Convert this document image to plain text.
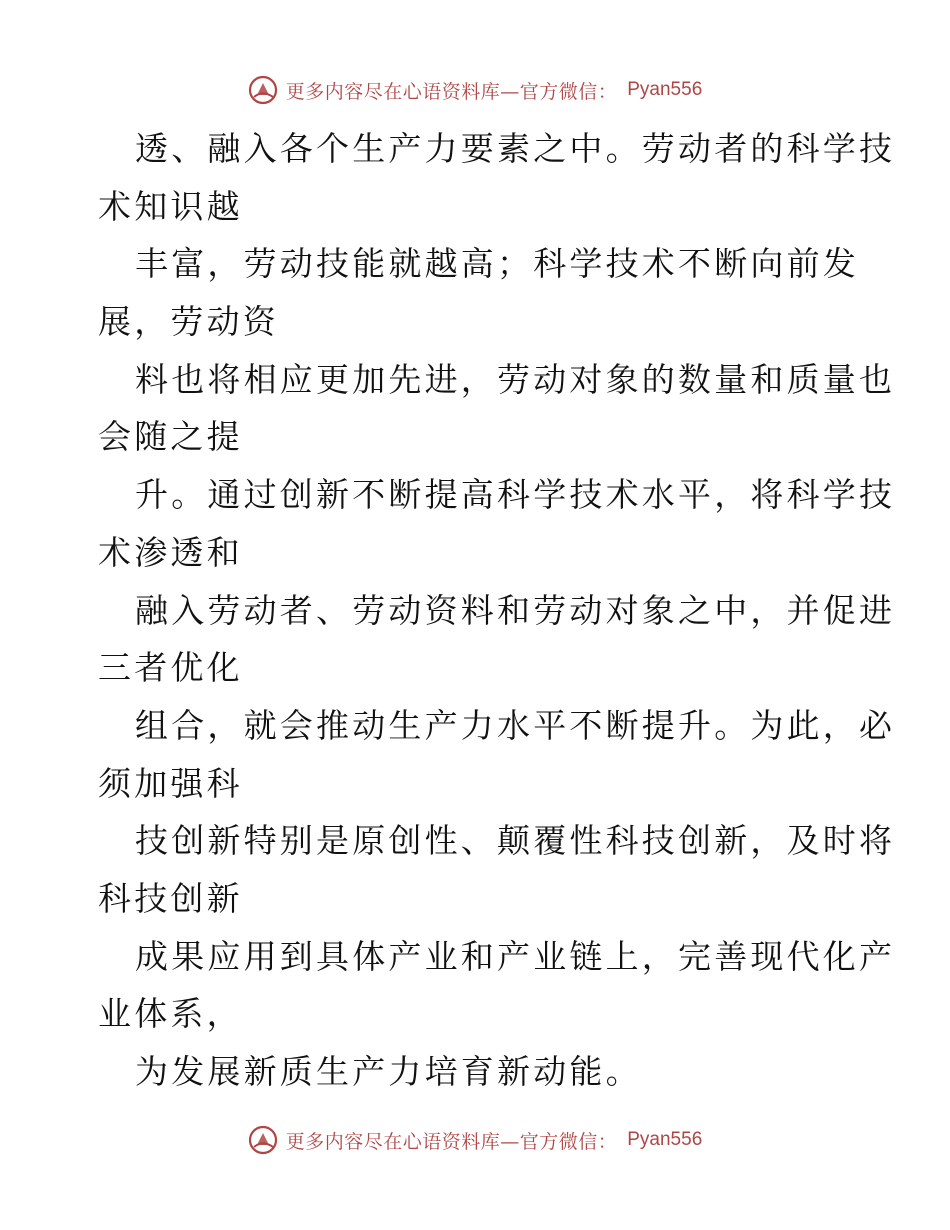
更多内容尽在心语资料库—官方微信： Pyan556
透、融入各个生产力要素之中。劳动者的科学技
术知识越
丰富，劳动技能就越高；科学技术不断向前发
展，劳动资
料也将相应更加先进，劳动对象的数量和质量也
会随之提
升。通过创新不断提高科学技术水平，将科学技
术渗透和
融入劳动者、劳动资料和劳动对象之中，并促进
三者优化
组合，就会推动生产力水平不断提升。为此，必
须加强科
技创新特别是原创性、颠覆性科技创新，及时将
科技创新
成果应用到具体产业和产业链上，完善现代化产
业体系，
为发展新质生产力培育新动能。
更多内容尽在心语资料库—官方微信： Pyan556
